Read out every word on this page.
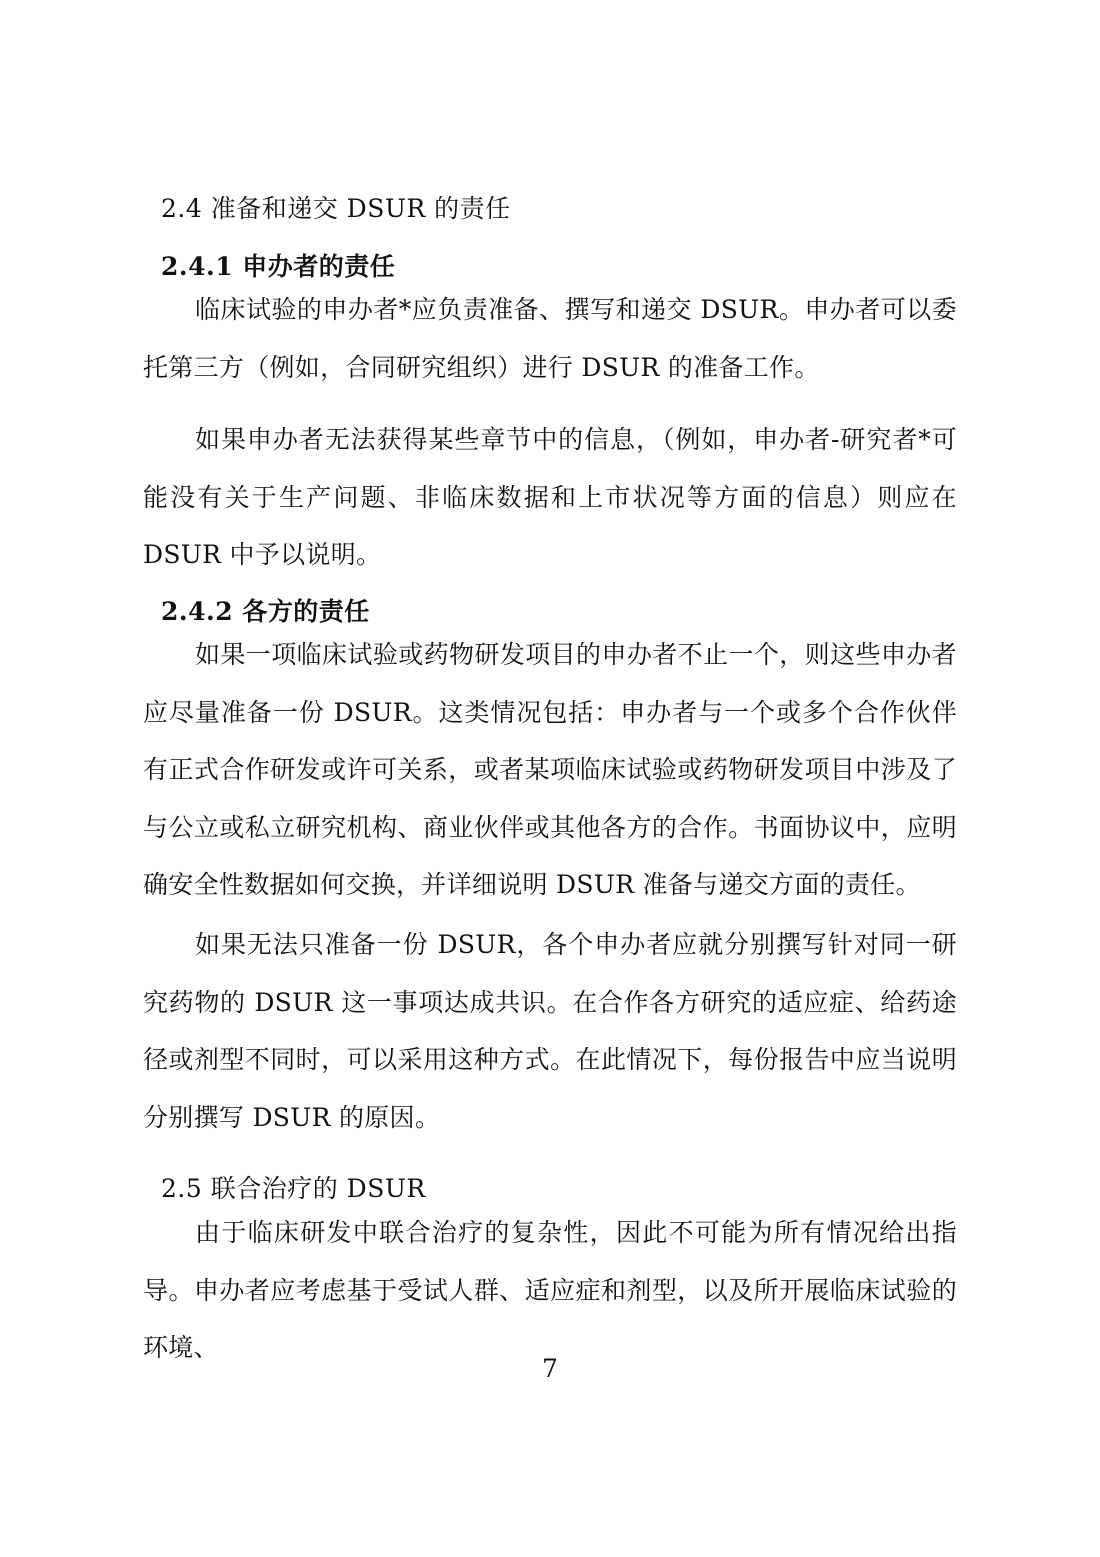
2.4 准备和递交 DSUR 的责任
2.4.1 申办者的责任

临床试验的申办者*应负责准备、撰写和递交 DSUR。申办者可以委托第三方（例如，合同研究组织）进行 DSUR 的准备工作。

如果申办者无法获得某些章节中的信息，（例如，申办者-研究者*可能没有关于生产问题、非临床数据和上市状况等方面的信息）则应在 DSUR 中予以说明。

2.4.2 各方的责任

如果一项临床试验或药物研发项目的申办者不止一个，则这些申办者应尽量准备一份 DSUR。这类情况包括：申办者与一个或多个合作伙伴有正式合作研发或许可关系，或者某项临床试验或药物研发项目中涉及了与公立或私立研究机构、商业伙伴或其他各方的合作。书面协议中，应明确安全性数据如何交换，并详细说明 DSUR 准备与递交方面的责任。

如果无法只准备一份 DSUR，各个申办者应就分别撰写针对同一研究药物的 DSUR 这一事项达成共识。在合作各方研究的适应症、给药途径或剂型不同时，可以采用这种方式。在此情况下，每份报告中应当说明分别撰写 DSUR 的原因。

2.5 联合治疗的 DSUR

由于临床研发中联合治疗的复杂性，因此不可能为所有情况给出指导。申办者应考虑基于受试人群、适应症和剂型，以及所开展临床试验的环境、

7
